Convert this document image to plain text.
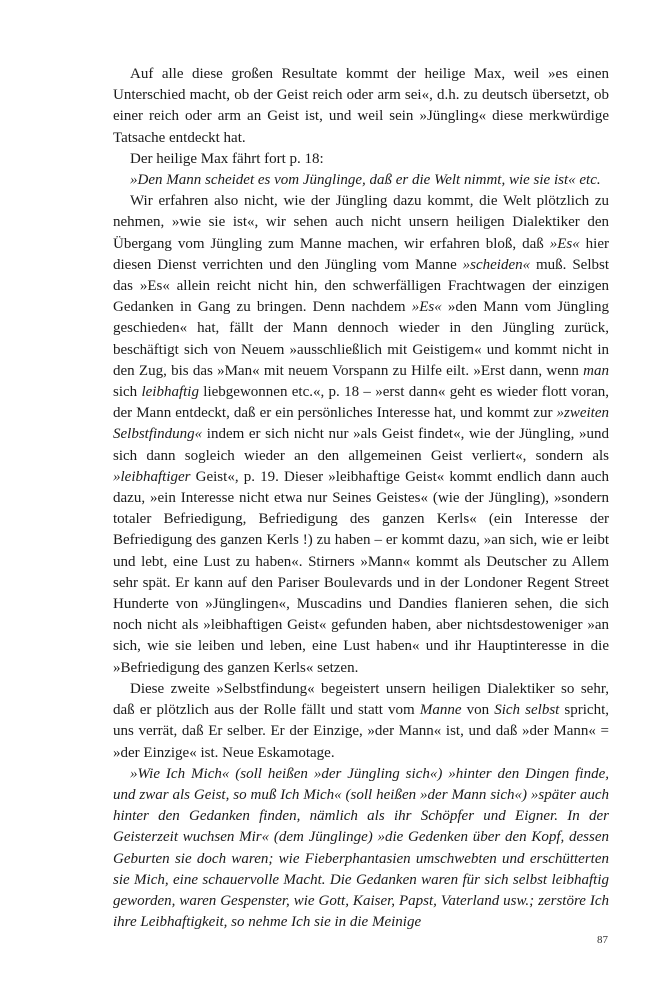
Auf alle diese großen Resultate kommt der heilige Max, weil »es einen Unterschied macht, ob der Geist reich oder arm sei«, d.h. zu deutsch übersetzt, ob einer reich oder arm an Geist ist, und weil sein »Jüngling« diese merkwürdige Tatsache entdeckt hat.

Der heilige Max fährt fort p. 18:

»Den Mann scheidet es vom Jünglinge, daß er die Welt nimmt, wie sie ist« etc.

Wir erfahren also nicht, wie der Jüngling dazu kommt, die Welt plötzlich zu nehmen, »wie sie ist«, wir sehen auch nicht unsern heiligen Dialektiker den Übergang vom Jüngling zum Manne machen, wir erfahren bloß, daß »Es« hier diesen Dienst verrichten und den Jüngling vom Manne »scheiden« muß. Selbst das »Es« allein reicht nicht hin, den schwerfälligen Frachtwagen der einzigen Gedanken in Gang zu bringen. Denn nachdem »Es« »den Mann vom Jüngling geschieden« hat, fällt der Mann dennoch wieder in den Jüngling zurück, beschäftigt sich von Neuem »ausschließlich mit Geistigem« und kommt nicht in den Zug, bis das »Man« mit neuem Vorspann zu Hilfe eilt. »Erst dann, wenn man sich leibhaftig liebgewonnen etc.«, p. 18 – »erst dann« geht es wieder flott voran, der Mann entdeckt, daß er ein persönliches Interesse hat, und kommt zur »zweiten Selbstfindung« indem er sich nicht nur »als Geist findet«, wie der Jüngling, »und sich dann sogleich wieder an den allgemeinen Geist verliert«, sondern als »leibhaftiger Geist«, p. 19. Dieser »leibhaftige Geist« kommt endlich dann auch dazu, »ein Interesse nicht etwa nur Seines Geistes« (wie der Jüngling), »sondern totaler Befriedigung, Befriedigung des ganzen Kerls« (ein Interesse der Befriedigung des ganzen Kerls !) zu haben – er kommt dazu, »an sich, wie er leibt und lebt, eine Lust zu haben«. Stirners »Mann« kommt als Deutscher zu Allem sehr spät. Er kann auf den Pariser Boulevards und in der Londoner Regent Street Hunderte von »Jünglingen«, Muscadins und Dandies flanieren sehen, die sich noch nicht als »leibhaftigen Geist« gefunden haben, aber nichtsdestoweniger »an sich, wie sie leiben und leben, eine Lust haben« und ihr Hauptinteresse in die »Befriedigung des ganzen Kerls« setzen.

Diese zweite »Selbstfindung« begeistert unsern heiligen Dialektiker so sehr, daß er plötzlich aus der Rolle fällt und statt vom Manne von Sich selbst spricht, uns verrät, daß Er selber. Er der Einzige, »der Mann« ist, und daß »der Mann« = »der Einzige« ist. Neue Eskamotage.

»Wie Ich Mich« (soll heißen »der Jüngling sich«) »hinter den Dingen finde, und zwar als Geist, so muß Ich Mich« (soll heißen »der Mann sich«) »später auch hinter den Gedanken finden, nämlich als ihr Schöpfer und Eigner. In der Geisterzeit wuchsen Mir« (dem Jünglinge) »die Gedenken über den Kopf, dessen Geburten sie doch waren; wie Fieberphantasien umschwebten und erschütterten sie Mich, eine schauervolle Macht. Die Gedanken waren für sich selbst leibhaftig geworden, waren Gespenster, wie Gott, Kaiser, Papst, Vaterland usw.; zerstöre Ich ihre Leibhaftigkeit, so nehme Ich sie in die Meinige

87
